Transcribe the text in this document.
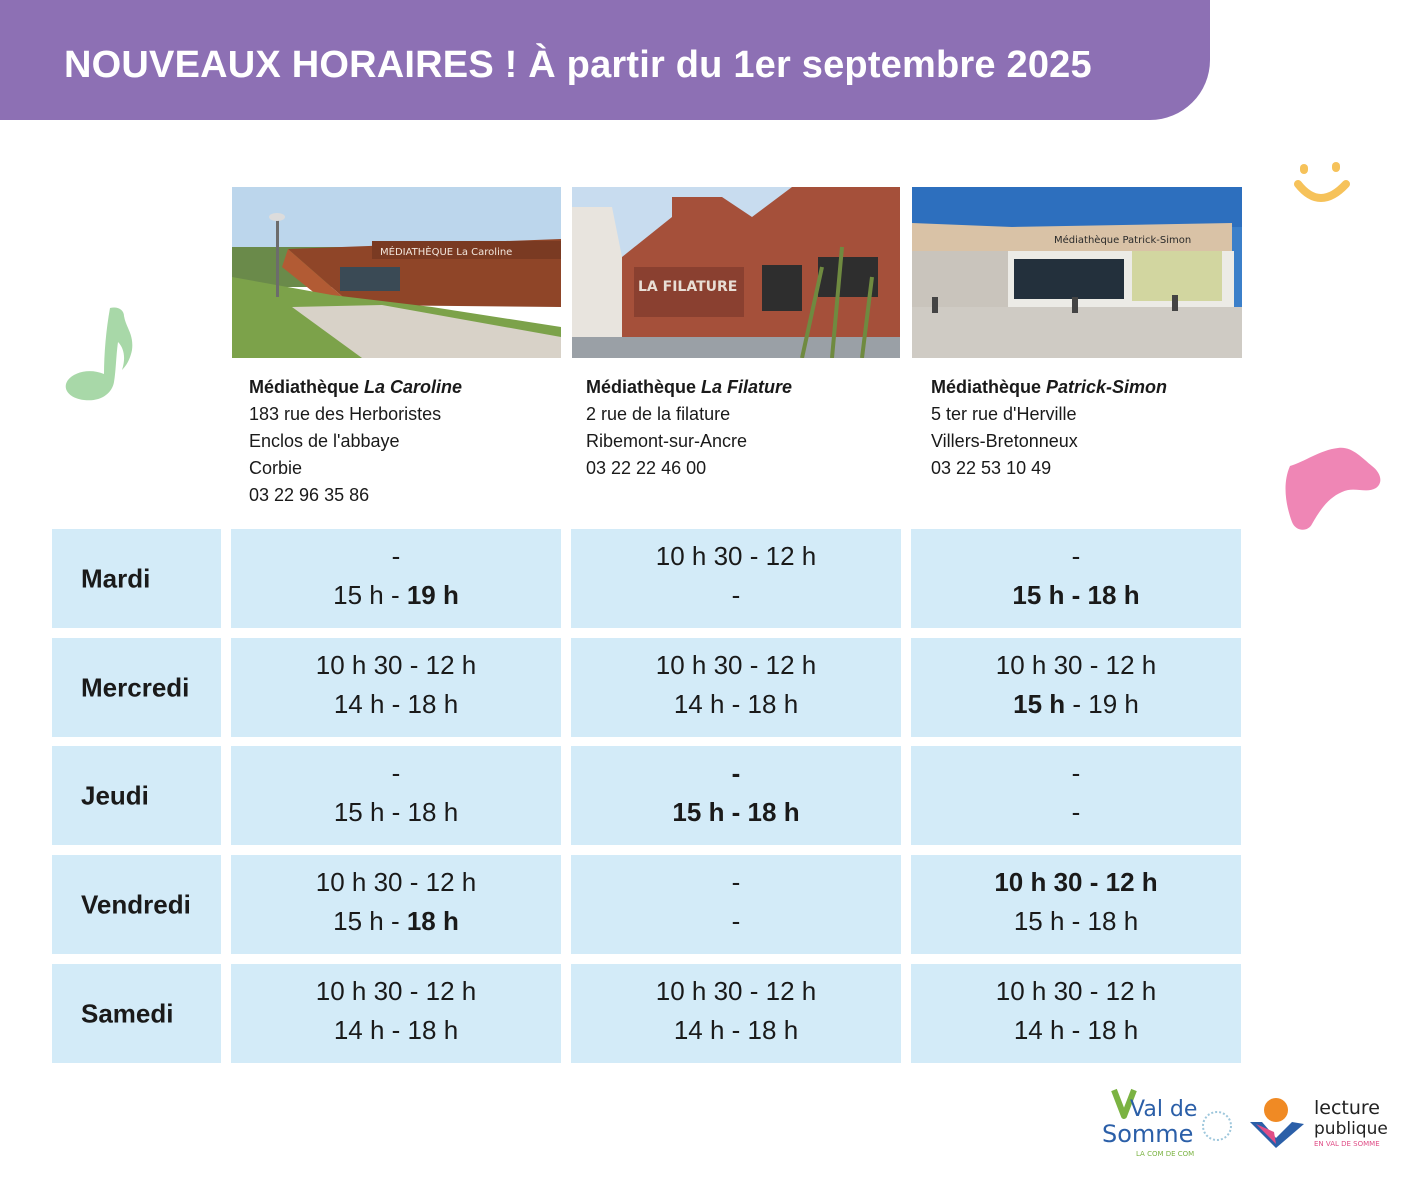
NOUVEAUX HORAIRES ! À partir du 1er septembre 2025
MÉDIATHÈQUE La Caroline
LA FILATURE
Médiathèque Patrick-Simon
Médiathèque La Caroline
183 rue des Herboristes
Enclos de l'abbaye
Corbie
03 22 96 35 86
Médiathèque La Filature
2 rue de la filature
Ribemont-sur-Ancre
03 22 22 46 00
Médiathèque Patrick-Simon
5 ter rue d'Herville
Villers-Bretonneux
03 22 53 10 49
Mardi
-
15 h - 19 h
10 h 30 - 12 h
-
-
15 h - 18 h
Mercredi
10 h 30 - 12 h
14 h - 18 h
10 h 30 - 12 h
14 h - 18 h
10 h 30 - 12 h
15 h - 19 h
Jeudi
-
15 h - 18 h
-
15 h - 18 h
-
-
Vendredi
10 h 30 - 12 h
15 h - 18 h
-
-
10 h 30 - 12 h
15 h - 18 h
Samedi
10 h 30 - 12 h
14 h - 18 h
10 h 30 - 12 h
14 h - 18 h
10 h 30 - 12 h
14 h - 18 h
Val de
Somme
LA COM DE COM
lecture
publique
EN VAL DE SOMME
